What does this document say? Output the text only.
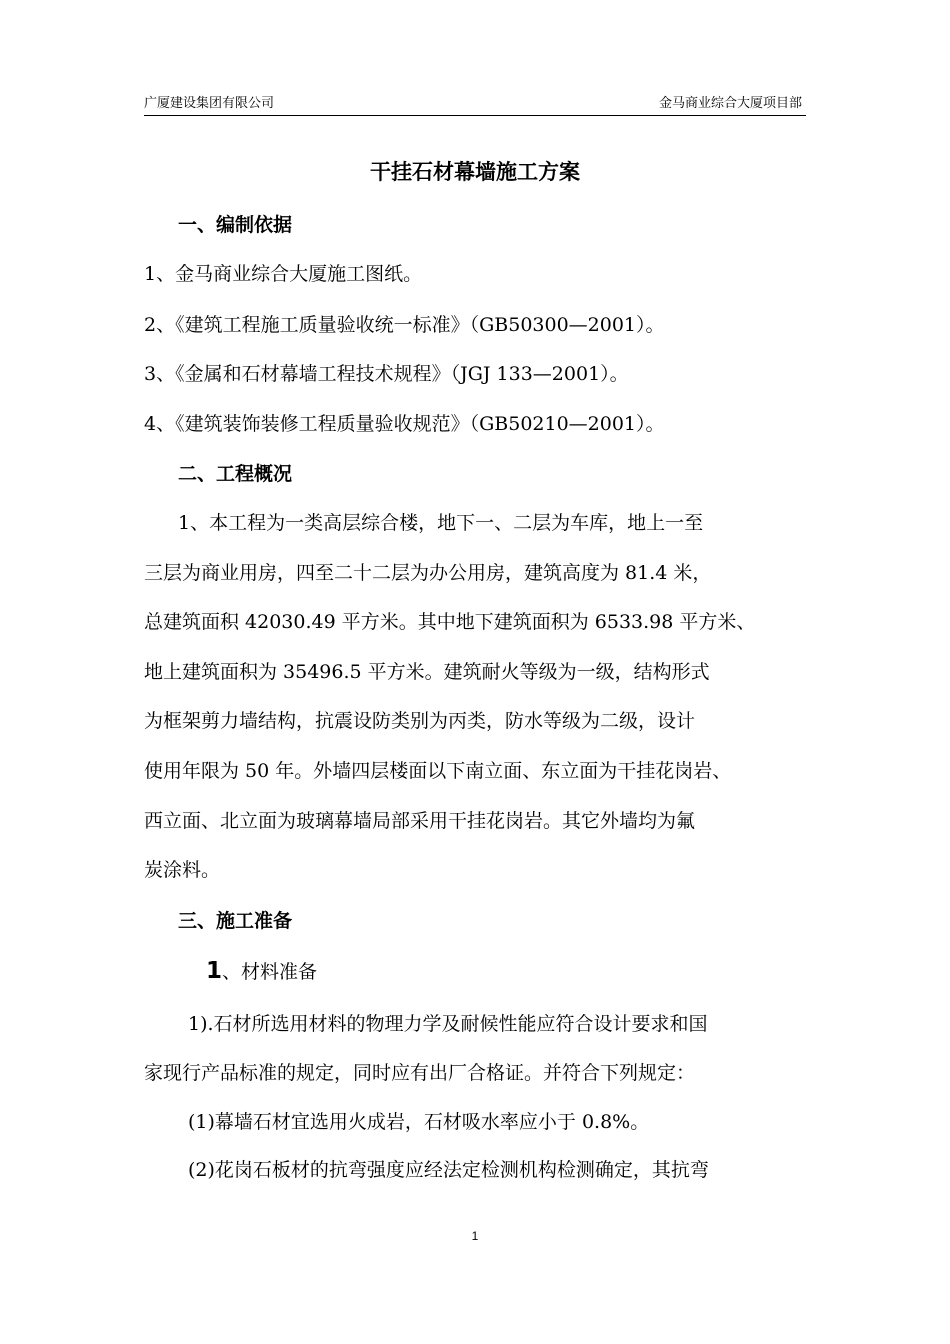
广厦建设集团有限公司	金马商业综合大厦项目部
干挂石材幕墙施工方案
一、编制依据
1、金马商业综合大厦施工图纸。
2、《建筑工程施工质量验收统一标准》（GB50300—2001）。
3、《金属和石材幕墙工程技术规程》（JGJ 133—2001）。
4、《建筑装饰装修工程质量验收规范》（GB50210—2001）。
二、工程概况
1、本工程为一类高层综合楼，地下一、二层为车库，地上一至
三层为商业用房，四至二十二层为办公用房，建筑高度为 81.4 米，
总建筑面积 42030.49 平方米。其中地下建筑面积为 6533.98 平方米、
地上建筑面积为 35496.5 平方米。建筑耐火等级为一级，结构形式
为框架剪力墙结构，抗震设防类别为丙类，防水等级为二级，设计
使用年限为 50 年。外墙四层楼面以下南立面、东立面为干挂花岗岩、
西立面、北立面为玻璃幕墙局部采用干挂花岗岩。其它外墙均为氟
炭涂料。
三、施工准备
1、材料准备
1).石材所选用材料的物理力学及耐候性能应符合设计要求和国
家现行产品标准的规定，同时应有出厂合格证。并符合下列规定：
(1)幕墙石材宜选用火成岩，石材吸水率应小于 0.8%。
(2)花岗石板材的抗弯强度应经法定检测机构检测确定，其抗弯
1
